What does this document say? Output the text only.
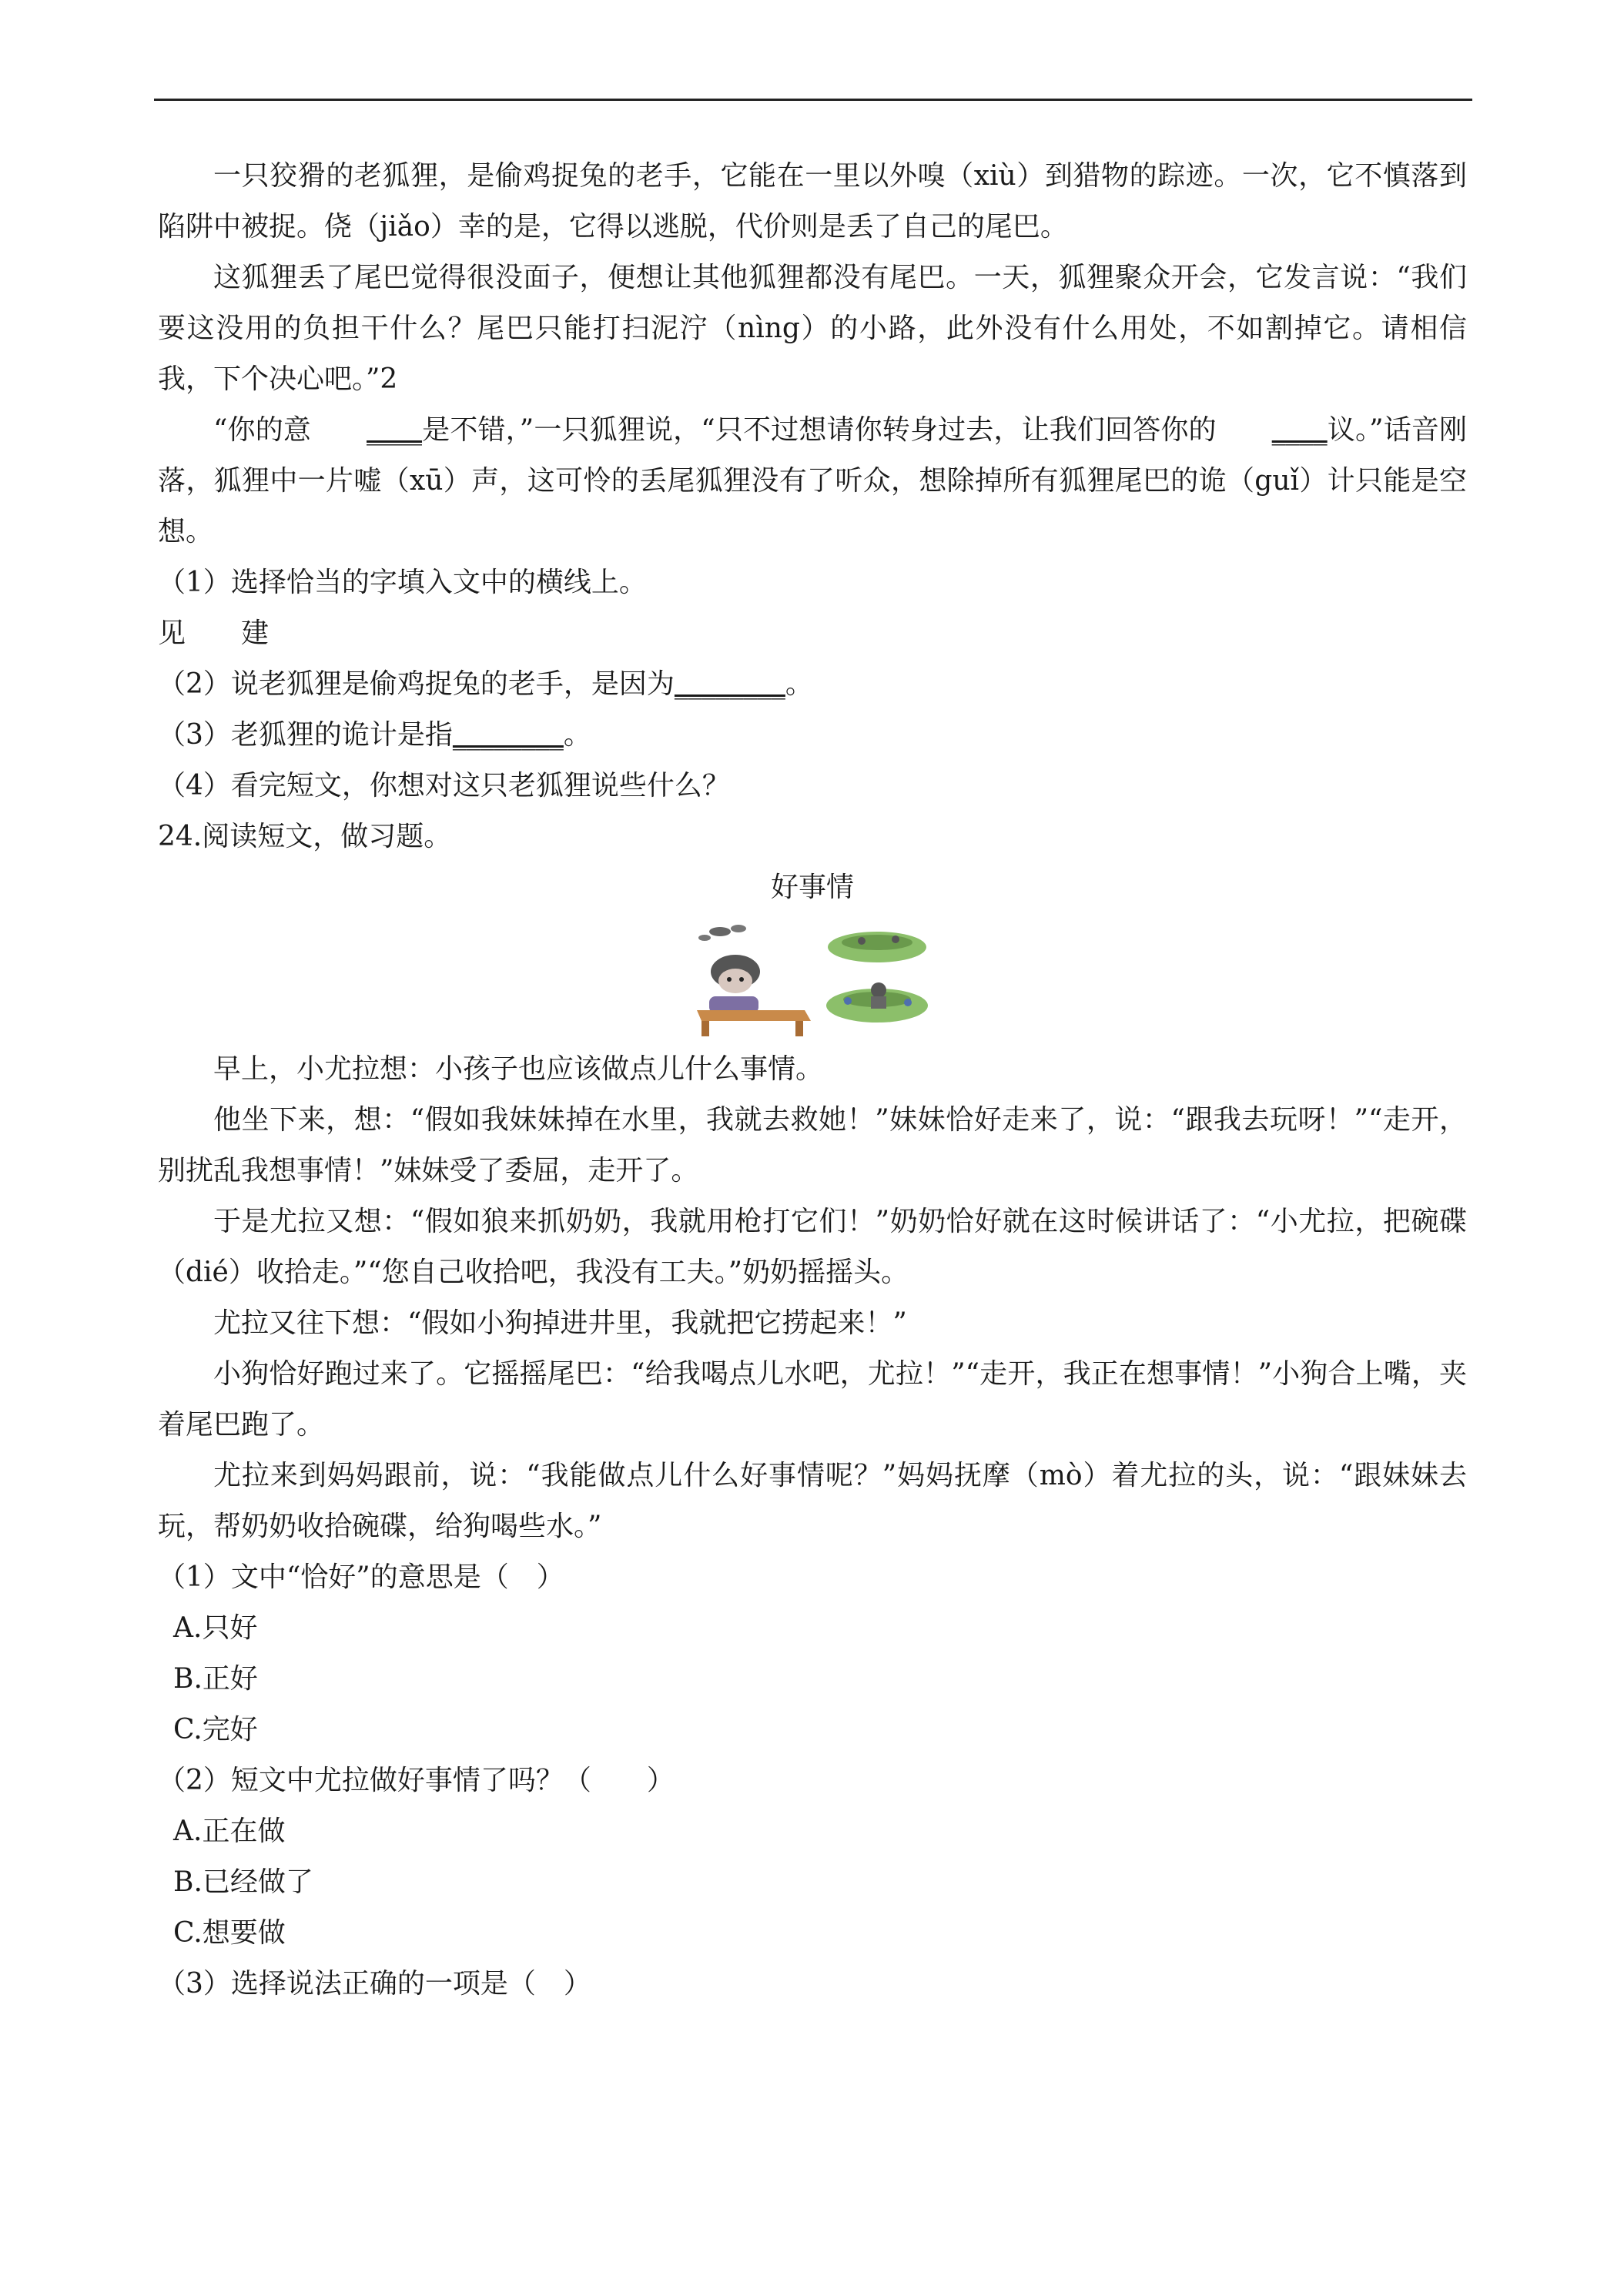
一只狡猾的老狐狸，是偷鸡捉兔的老手，它能在一里以外嗅（xiù）到猎物的踪迹。一次，它不慎落到陷阱中被捉。侥（jiǎo）幸的是，它得以逃脱，代价则是丢了自己的尾巴。

这狐狸丢了尾巴觉得很没面子，便想让其他狐狸都没有尾巴。一天，狐狸聚众开会，它发言说：“我们要这没用的负担干什么？尾巴只能打扫泥泞（nìng）的小路，此外没有什么用处，不如割掉它。请相信我，下个决心吧。”2

“你的意 ____是不错，”一只狐狸说，“只不过想请你转身过去，让我们回答你的 ____议。”话音刚落，狐狸中一片嘘（xū）声，这可怜的丢尾狐狸没有了听众，想除掉所有狐狸尾巴的诡（guǐ）计只能是空想。

（1）选择恰当的字填入文中的横线上。

见 建

（2）说老狐狸是偷鸡捉兔的老手，是因为________。

（3）老狐狸的诡计是指________。

（4）看完短文，你想对这只老狐狸说些什么？

24.阅读短文，做习题。

好事情

早上，小尤拉想：小孩子也应该做点儿什么事情。

他坐下来，想：“假如我妹妹掉在水里，我就去救她！”妹妹恰好走来了，说：“跟我去玩呀！”“走开，别扰乱我想事情！”妹妹受了委屈，走开了。

于是尤拉又想：“假如狼来抓奶奶，我就用枪打它们！”奶奶恰好就在这时候讲话了：“小尤拉，把碗碟（dié）收拾走。”“您自己收拾吧，我没有工夫。”奶奶摇摇头。

尤拉又往下想：“假如小狗掉进井里，我就把它捞起来！”

小狗恰好跑过来了。它摇摇尾巴：“给我喝点儿水吧，尤拉！”“走开，我正在想事情！”小狗合上嘴，夹着尾巴跑了。

尤拉来到妈妈跟前，说：“我能做点儿什么好事情呢？”妈妈抚摩（mò）着尤拉的头，说：“跟妹妹去玩，帮奶奶收拾碗碟，给狗喝些水。”

（1）文中“恰好”的意思是（　）

A.只好

B.正好

C.完好

（2）短文中尤拉做好事情了吗？（　　）

A.正在做

B.已经做了

C.想要做

（3）选择说法正确的一项是（　）
